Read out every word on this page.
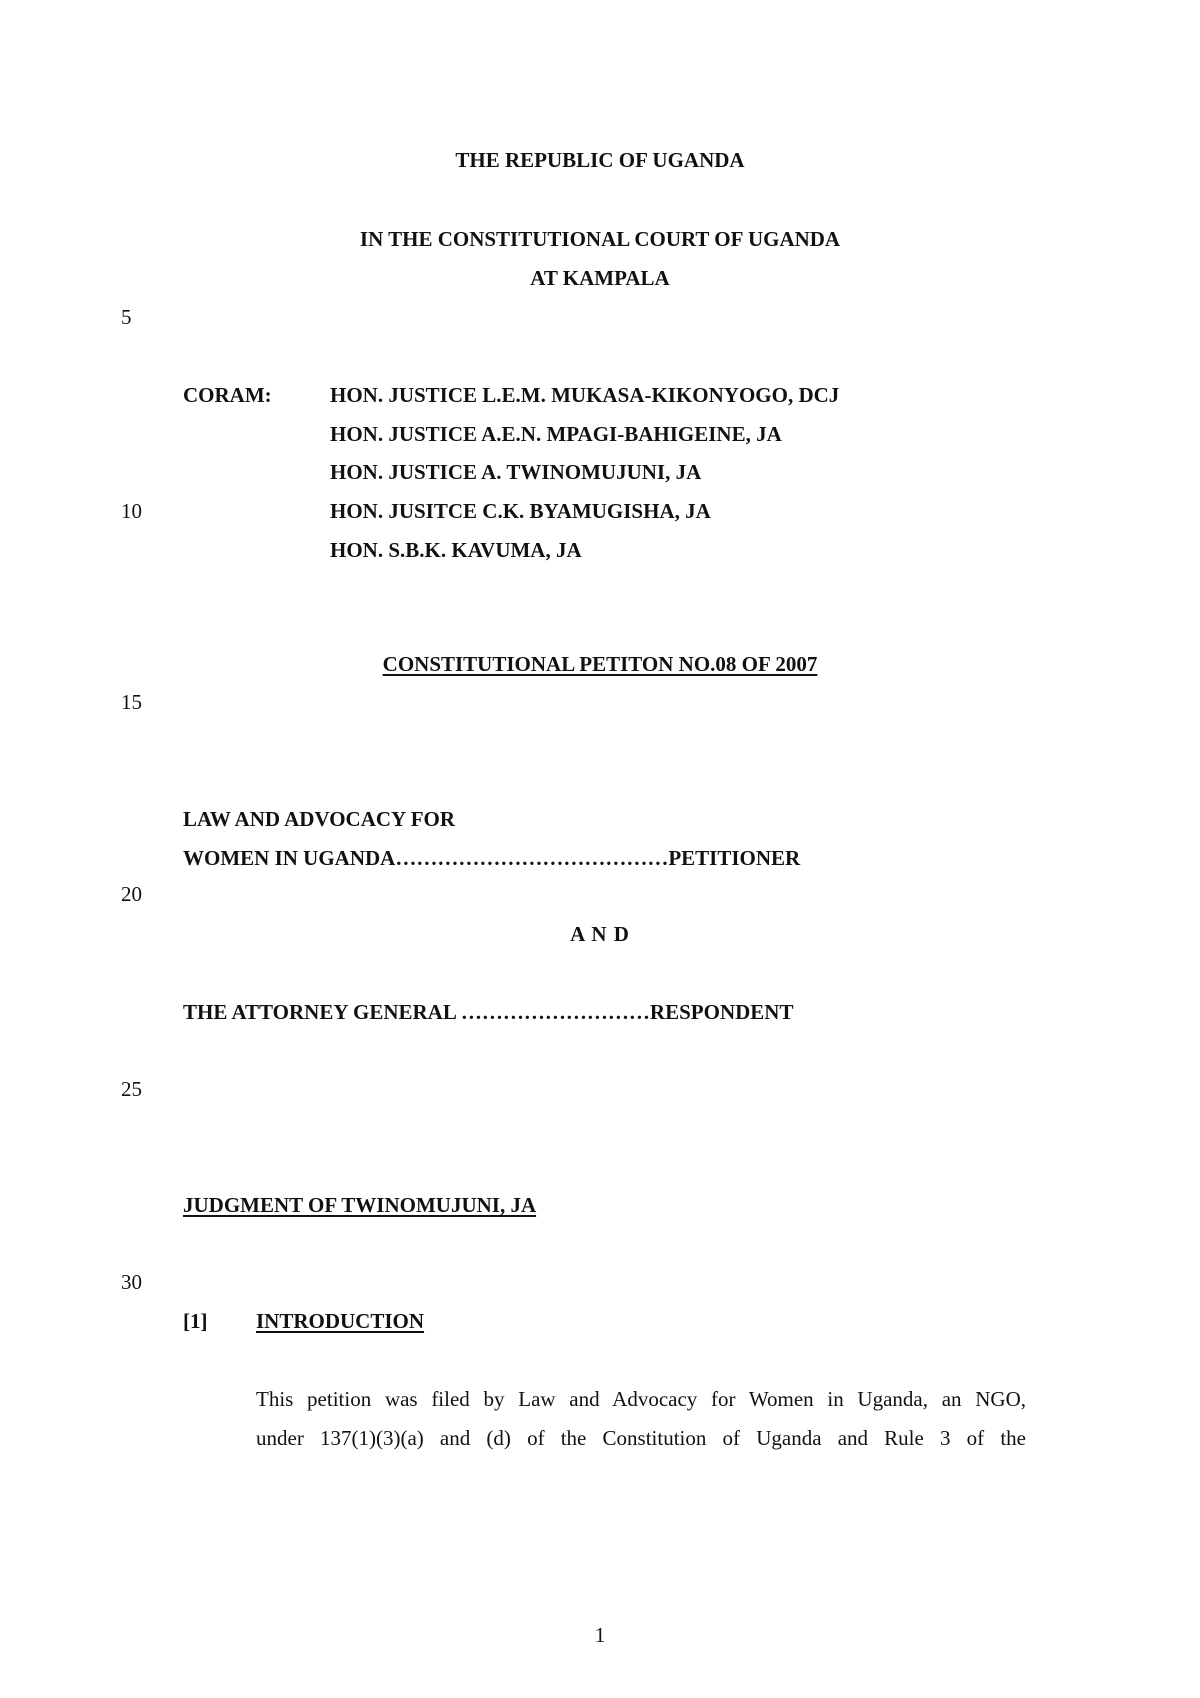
THE REPUBLIC OF UGANDA
IN THE CONSTITUTIONAL COURT OF UGANDA
AT KAMPALA
5
10
15
20
25
30
CORAM:	HON. JUSTICE L.E.M. MUKASA-KIKONYOGO, DCJ
HON. JUSTICE A.E.N. MPAGI-BAHIGEINE, JA
HON. JUSTICE A. TWINOMUJUNI, JA
HON. JUSITCE C.K. BYAMUGISHA, JA
HON. S.B.K. KAVUMA, JA
CONSTITUTIONAL PETITON NO.08 OF 2007
LAW AND ADVOCACY FOR
WOMEN IN UGANDA…………………………………PETITIONER
A N D
THE ATTORNEY GENERAL ………………………RESPONDENT
JUDGMENT OF TWINOMUJUNI, JA
[1] INTRODUCTION
This petition was filed by Law and Advocacy for Women in Uganda, an NGO,
under 137(1)(3)(a) and (d) of the Constitution of Uganda and Rule 3 of the
1
